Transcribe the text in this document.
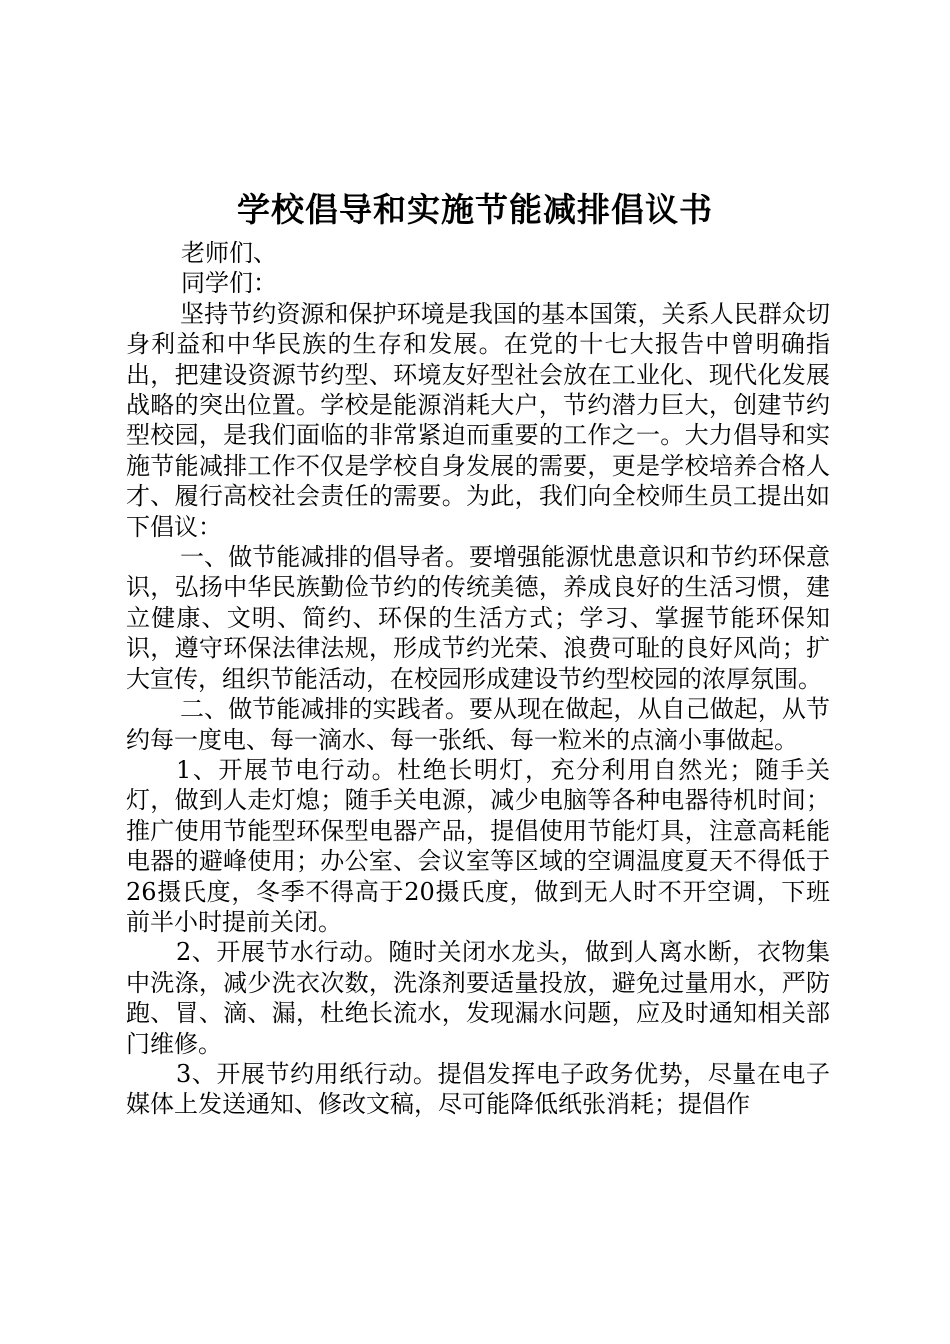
学校倡导和实施节能减排倡议书

老师们、

同学们：

坚持节约资源和保护环境是我国的基本国策，关系人民群众切身利益和中华民族的生存和发展。在党的十七大报告中曾明确指出，把建设资源节约型、环境友好型社会放在工业化、现代化发展战略的突出位置。学校是能源消耗大户，节约潜力巨大，创建节约型校园，是我们面临的非常紧迫而重要的工作之一。大力倡导和实施节能减排工作不仅是学校自身发展的需要，更是学校培养合格人才、履行高校社会责任的需要。为此，我们向全校师生员工提出如下倡议：

一、做节能减排的倡导者。要增强能源忧患意识和节约环保意识，弘扬中华民族勤俭节约的传统美德，养成良好的生活习惯，建立健康、文明、简约、环保的生活方式；学习、掌握节能环保知识，遵守环保法律法规，形成节约光荣、浪费可耻的良好风尚；扩大宣传，组织节能活动，在校园形成建设节约型校园的浓厚氛围。

二、做节能减排的实践者。要从现在做起，从自己做起，从节约每一度电、每一滴水、每一张纸、每一粒米的点滴小事做起。

1、开展节电行动。杜绝长明灯，充分利用自然光；随手关灯，做到人走灯熄；随手关电源，减少电脑等各种电器待机时间；推广使用节能型环保型电器产品，提倡使用节能灯具，注意高耗能电器的避峰使用；办公室、会议室等区域的空调温度夏天不得低于26摄氏度，冬季不得高于20摄氏度，做到无人时不开空调，下班前半小时提前关闭。

2、开展节水行动。随时关闭水龙头，做到人离水断，衣物集中洗涤，减少洗衣次数，洗涤剂要适量投放，避免过量用水，严防跑、冒、滴、漏，杜绝长流水，发现漏水问题，应及时通知相关部门维修。

3、开展节约用纸行动。提倡发挥电子政务优势，尽量在电子媒体上发送通知、修改文稿，尽可能降低纸张消耗；提倡作
